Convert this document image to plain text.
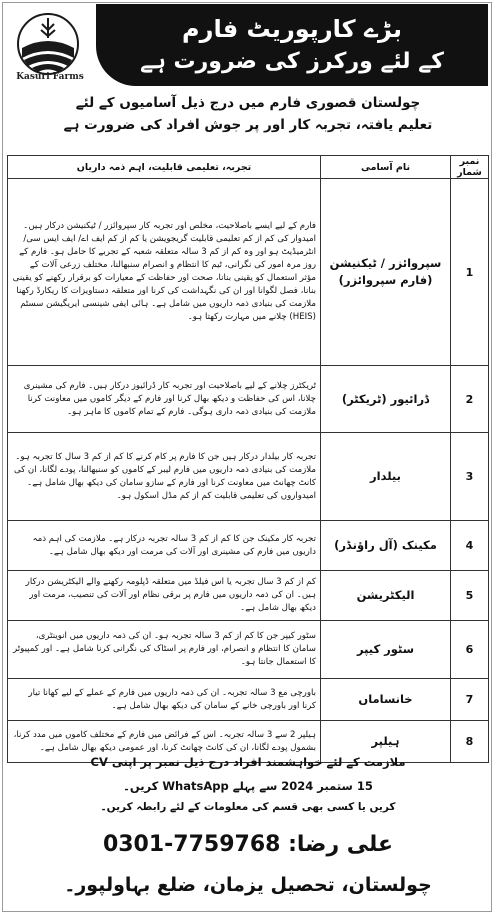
Kasuri Farms
بڑے کارپوریٹ فارم
کے لئے ورکرز کی ضرورت ہے
چولستان قصوری فارم میں درج ذیل آسامیوں کے لئے
تعلیم یافتہ، تجربہ کار اور پر جوش افراد کی ضرورت ہے
نمبر شمار	نام آسامی	تجربہ، تعلیمی قابلیت، اہم ذمہ داریاں
1	سپروائزر / ٹیکنیشن (فارم سپروائزر)	فارم کے لیے ایسے باصلاحیت، مخلص اور تجربہ کار سپروائزر / ٹیکنیشن درکار ہیں۔ امیدوار کی کم از کم تعلیمی قابلیت گریجویشن یا کم از کم ایف اے/ ایف ایس سی/ انٹرمیڈیٹ ہو اور وہ کم از کم 3 سالہ متعلقہ شعبہ کے تجربے کا حامل ہو۔ فارم کے روز مرہ امور کی نگرانی، ٹیم کا انتظام و انصرام سنبھالنا، مختلف زرعی آلات کے مؤثر استعمال کو یقینی بنانا، صحت اور حفاظت کے معیارات کو برقرار رکھنے کو یقینی بنانا، فصل لگوانا اور ان کی نگہداشت کی کرنا اور متعلقہ دستاویزات کا ریکارڈ رکھنا ملازمت کی بنیادی ذمہ داریوں میں شامل ہے۔ ہائی ایفی شینسی ایریگیشن سسٹم (HEIS) چلانے میں مہارت رکھتا ہو۔
2	ڈرائیور (ٹریکٹر)	ٹریکٹرز چلانے کے لیے باصلاحیت اور تجربہ کار ڈرائیوز درکار ہیں۔ فارم کی مشینری چلانا، اس کی حفاظت و دیکھ بھال کرنا اور فارم کے دیگر کاموں میں معاونت کرنا ملازمت کی بنیادی ذمہ داری ہوگی۔ فارم کے تمام کاموں کا ماہر ہو۔
3	بیلدار	تجربہ کار بیلدار درکار ہیں جن کا فارم پر کام کرنے کا کم از کم 3 سال کا تجربہ ہو۔ ملازمت کی بنیادی ذمہ داریوں میں فارم لیبر کے کاموں کو سنبھالنا، پودے لگانا، ان کی کانٹ چھانٹ میں معاونت کرنا اور فارم کے سازو سامان کی دیکھ بھال شامل ہے۔ امیدواروں کی تعلیمی قابلیت کم از کم مڈل اسکول ہو۔
4	مکینک (آل راؤنڈر)	تجربہ کار مکینک جن کا کم از کم 3 سالہ تجربہ درکار ہے۔ ملازمت کی اہم ذمہ داریوں میں فارم کی مشینری اور آلات کی مرمت اور دیکھ بھال شامل ہے۔
5	الیکٹریشن	کم از کم 3 سال تجربہ یا اس فیلڈ میں متعلقہ ڈپلومہ رکھنے والے الیکٹریشن درکار ہیں۔ ان کی ذمہ داریوں میں فارم پر برقی نظام اور آلات کی تنصیب، مرمت اور دیکھ بھال شامل ہے۔
6	سٹور کیپر	سٹور کیپر جن کا کم از کم 3 سالہ تجربہ ہو۔ ان کی ذمہ داریوں میں انوینٹری، سامان کا انتظام و انصرام، اور فارم پر اسٹاک کی نگرانی کرنا شامل ہے۔ اور کمپیوٹر کا استعمال جانتا ہو۔
7	خانساماں	باورچی مع 3 سالہ تجربہ۔ ان کی ذمہ داریوں میں فارم کے عملے کے لیے کھانا تیار کرنا اور باورچی خانے کے سامان کی دیکھ بھال شامل ہے۔
8	ہیلپر	ہیلپر 2 سے 3 سالہ تجربہ۔ اس کے فرائض میں فارم کے مختلف کاموں میں مدد کرنا، بشمول پودے لگانا، ان کی کانٹ چھانٹ کرنا، اور عمومی دیکھ بھال شامل ہے۔
ملازمت کے لئے خواہشمند افراد درج ذیل نمبر پر اپنی CV
15 ستمبر 2024 سے پہلے WhatsApp کریں۔
کریں یا کسی بھی قسم کی معلومات کے لئے رابطہ کریں۔
علی رضا: 0301-7759768
چولستان، تحصیل یزمان، ضلع بہاولپور۔
